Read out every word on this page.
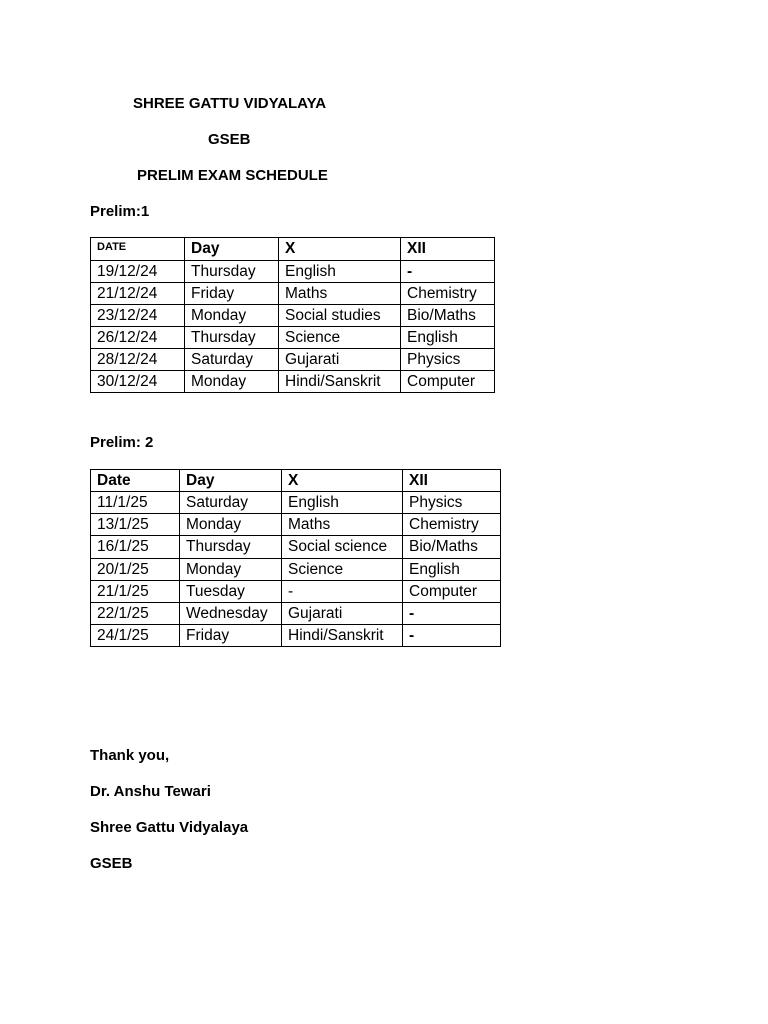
SHREE GATTU VIDYALAYA
GSEB
PRELIM EXAM SCHEDULE
Prelim:1
DATE	Day	X	XII
19/12/24	Thursday	English	-
21/12/24	Friday	Maths	Chemistry
23/12/24	Monday	Social studies	Bio/Maths
26/12/24	Thursday	Science	English
28/12/24	Saturday	Gujarati	Physics
30/12/24	Monday	Hindi/Sanskrit	Computer
Prelim: 2
Date	Day	X	XII
11/1/25	Saturday	English	Physics
13/1/25	Monday	Maths	Chemistry
16/1/25	Thursday	Social science	Bio/Maths
20/1/25	Monday	Science	English
21/1/25	Tuesday	-	Computer
22/1/25	Wednesday	Gujarati	-
24/1/25	Friday	Hindi/Sanskrit	-
Thank you,
Dr. Anshu Tewari
Shree Gattu Vidyalaya
GSEB
